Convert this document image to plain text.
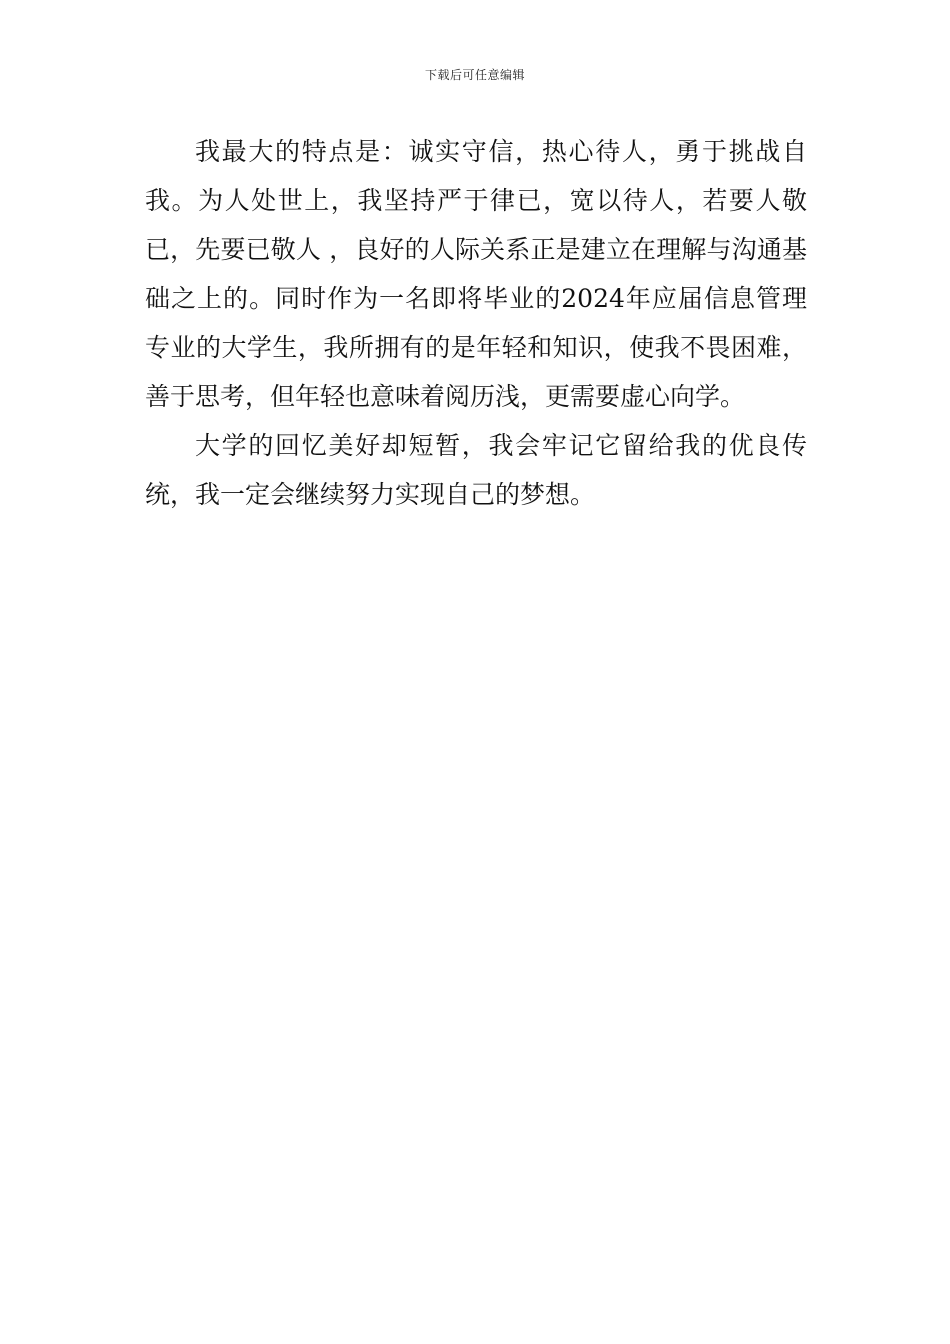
下载后可任意编辑

我最大的特点是：诚实守信，热心待人，勇于挑战自我。为人处世上，我坚持严于律已，宽以待人，若要人敬已，先要已敬人 ，良好的人际关系正是建立在理解与沟通基础之上的。同时作为一名即将毕业的2024年应届信息管理专业的大学生，我所拥有的是年轻和知识，使我不畏困难，善于思考，但年轻也意味着阅历浅，更需要虚心向学。

大学的回忆美好却短暂，我会牢记它留给我的优良传统，我一定会继续努力实现自己的梦想。
